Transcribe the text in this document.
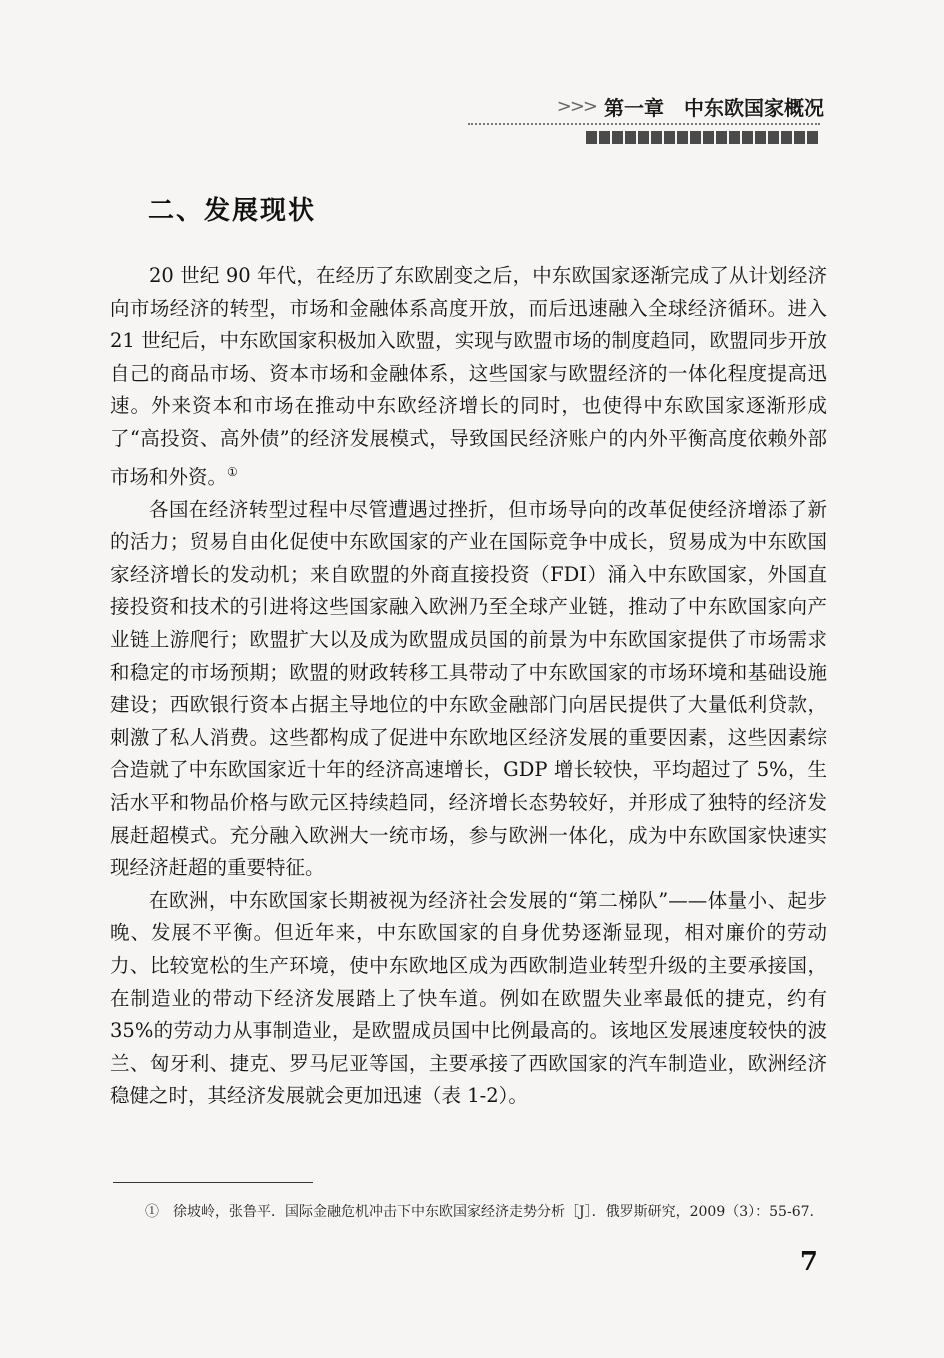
>>> 第一章 中东欧国家概况
二、发展现状

20 世纪 90 年代，在经历了东欧剧变之后，中东欧国家逐渐完成了从计划经济向市场经济的转型，市场和金融体系高度开放，而后迅速融入全球经济循环。进入 21 世纪后，中东欧国家积极加入欧盟，实现与欧盟市场的制度趋同，欧盟同步开放自己的商品市场、资本市场和金融体系，这些国家与欧盟经济的一体化程度提高迅速。外来资本和市场在推动中东欧经济增长的同时，也使得中东欧国家逐渐形成了“高投资、高外债”的经济发展模式，导致国民经济账户的内外平衡高度依赖外部市场和外资。①

各国在经济转型过程中尽管遭遇过挫折，但市场导向的改革促使经济增添了新的活力；贸易自由化促使中东欧国家的产业在国际竞争中成长，贸易成为中东欧国家经济增长的发动机；来自欧盟的外商直接投资（FDI）涌入中东欧国家，外国直接投资和技术的引进将这些国家融入欧洲乃至全球产业链，推动了中东欧国家向产业链上游爬行；欧盟扩大以及成为欧盟成员国的前景为中东欧国家提供了市场需求和稳定的市场预期；欧盟的财政转移工具带动了中东欧国家的市场环境和基础设施建设；西欧银行资本占据主导地位的中东欧金融部门向居民提供了大量低利贷款，刺激了私人消费。这些都构成了促进中东欧地区经济发展的重要因素，这些因素综合造就了中东欧国家近十年的经济高速增长，GDP 增长较快，平均超过了 5%，生活水平和物品价格与欧元区持续趋同，经济增长态势较好，并形成了独特的经济发展赶超模式。充分融入欧洲大一统市场，参与欧洲一体化，成为中东欧国家快速实现经济赶超的重要特征。

在欧洲，中东欧国家长期被视为经济社会发展的“第二梯队”——体量小、起步晚、发展不平衡。但近年来，中东欧国家的自身优势逐渐显现，相对廉价的劳动力、比较宽松的生产环境，使中东欧地区成为西欧制造业转型升级的主要承接国，在制造业的带动下经济发展踏上了快车道。例如在欧盟失业率最低的捷克，约有 35%的劳动力从事制造业，是欧盟成员国中比例最高的。该地区发展速度较快的波兰、匈牙利、捷克、罗马尼亚等国，主要承接了西欧国家的汽车制造业，欧洲经济稳健之时，其经济发展就会更加迅速（表 1-2）。

①　徐坡岭，张鲁平．国际金融危机冲击下中东欧国家经济走势分析［J］．俄罗斯研究，2009（3）：55-67.
7
